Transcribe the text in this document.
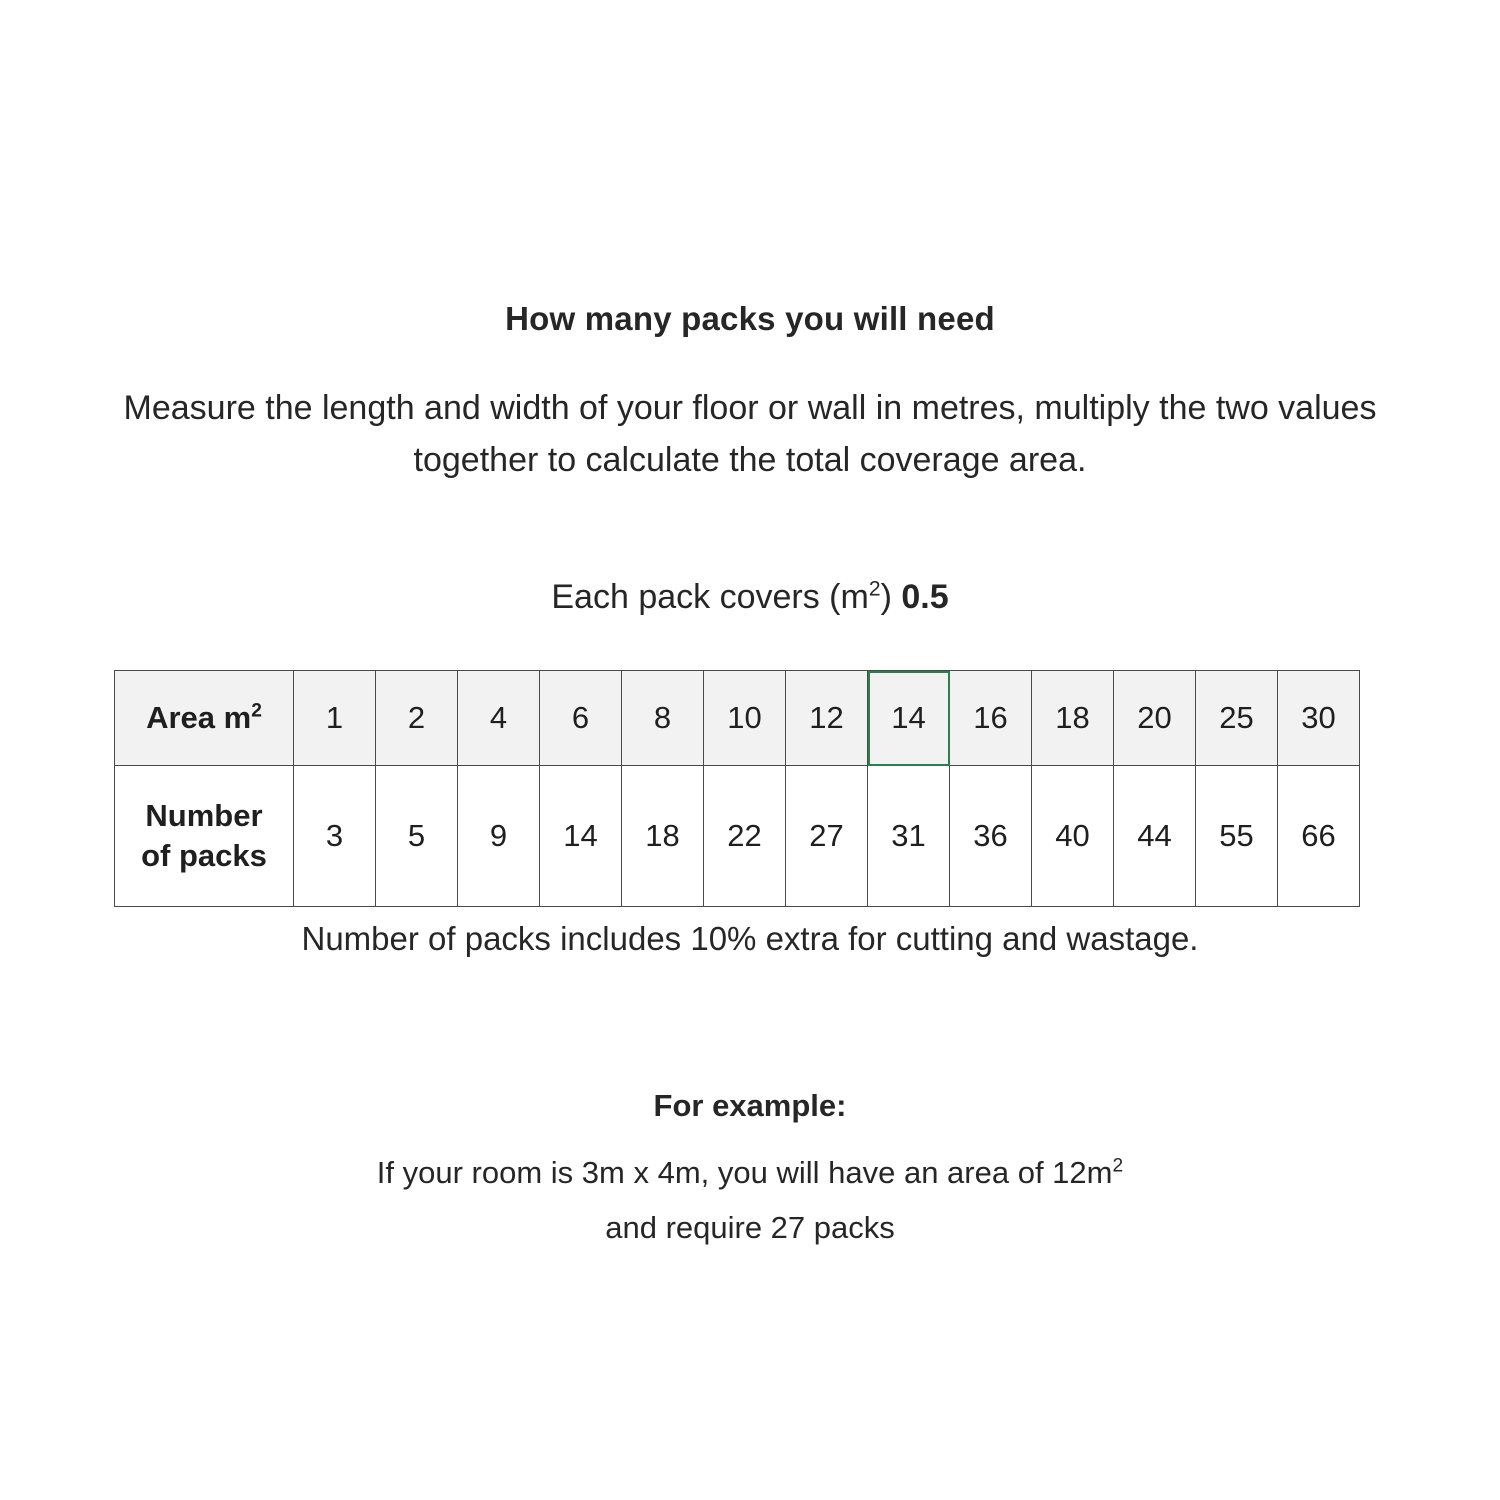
How many packs you will need
Measure the length and width of your floor or wall in metres, multiply the two values together to calculate the total coverage area.
Each pack covers $(m^2)$ 0.5
Area $m^2$	1	2	4	6	8	10	12	14	16	18	20	25	30
Number
of packs	3	5	9	14	18	22	27	31	36	40	44	55	66
Number of packs includes 10% extra for cutting and wastage.
For example:
If your room is 3m x 4m, you will have an area of $12m^2$
and require 27 packs
